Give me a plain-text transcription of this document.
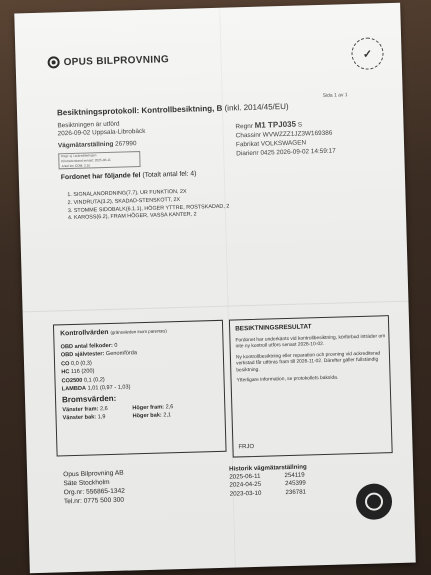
OPUS BILPROVNING	✓
Sida 1 av 1
Besiktningsprotokoll: Kontrollbesiktning, B (inkl. 2014/45/EU)
Besiktningen är utförd
2026-09-02 Uppsala-Librobäck
Vägmätarställning 267990
Regl: ej i ackrediteringen
Kilometerstand senast: 2025-06-11
Antal km COM: 2,1ü
Regnr M1 TPJ035 S
Chassinr WVWZZZ1JZ3W169386
Fabrikat VOLKSWAGEN
Diarienr 0425 2026-09-02 14:59:17
Fordonet har följande fel (Totalt antal fel: 4)
1. SIGNALANORDNING(7.7), UR FUNKTION, 2X
2. VINDRUTA(3.2), SKADAD-STENSKOTT, 2X
3. STOMME SIDOBALK(6.1.1), HÖGER YTTRE, ROSTSKADAD, 2
4. KAROSS(6.2), FRAM HÖGER, VASSA KANTER, 2
Kontrollvärden (gränsvärden inom parentes)
OBD antal felkoder: 0
OBD självtester: Genomförda
CO 0,0 (0,3)
HC 116 (200)
CO2500 0,1 (0,2)
LAMBDA 1,01 (0,97 - 1,03)
Bromsvärden:
Vänster fram: 2,6
Vänster bak: 1,9
Höger fram: 2,6
Höger bak: 2,1
BESIKTNINGSRESULTAT

Fordonet har underkänts vid kontrollbesiktning, körförbud inträder om inte ny kontroll utförs senast 2026-10-02.

Ny kontrollbesiktning eller reparation och provning vid ackrediterad verkstad får utföras fram till 2026-11-02. Därefter gäller fullständig besiktning.

Ytterligare information, se protokollets baksida.

FRJO
Opus Bilprovning AB
Säte Stockholm
Org.nr: 556865-1342
Tel.nr: 0775 500 300
Historik vägmätarställning
2025-06-11	254119
2024-04-25	245399
2023-03-10	236781
